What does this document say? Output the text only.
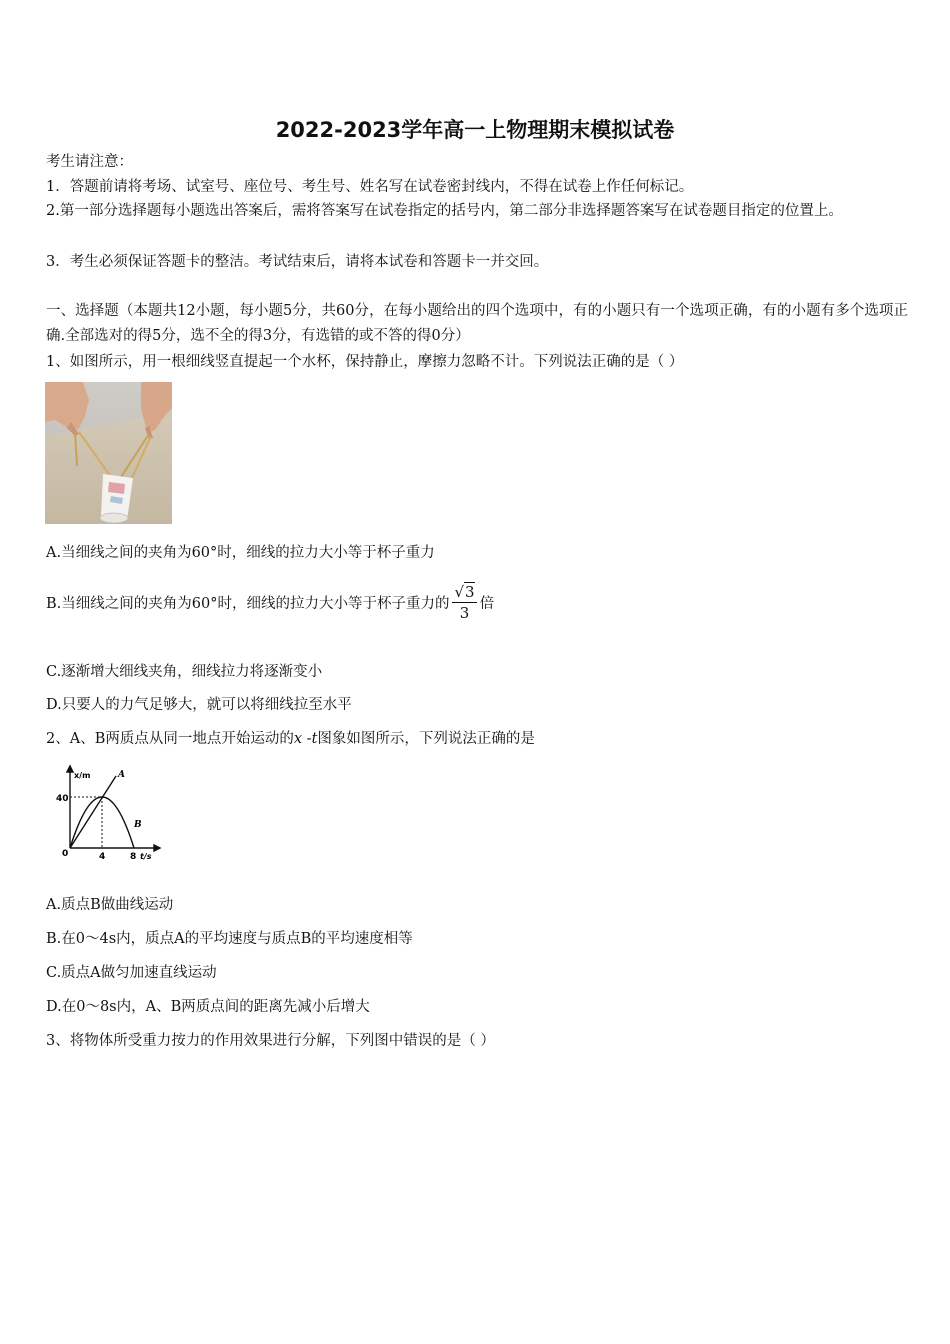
2022-2023学年高一上物理期末模拟试卷
考生请注意：
1．答题前请将考场、试室号、座位号、考生号、姓名写在试卷密封线内，不得在试卷上作任何标记。
2.第一部分选择题每小题选出答案后，需将答案写在试卷指定的括号内，第二部分非选择题答案写在试卷题目指定的位置上。
3．考生必须保证答题卡的整洁。考试结束后，请将本试卷和答题卡一并交回。
一、选择题（本题共12小题，每小题5分，共60分，在每小题给出的四个选项中，有的小题只有一个选项正确，有的小题有多个选项正确.全部选对的得5分，选不全的得3分，有选错的或不答的得0分）
1、如图所示，用一根细线竖直提起一个水杯，保持静止，摩擦力忽略不计。下列说法正确的是（ ）
A.当细线之间的夹角为60°时，细线的拉力大小等于杯子重力
B.当细线之间的夹角为60°时，细线的拉力大小等于杯子重力的 $\frac{√3}{3}$ 倍
C.逐渐增大细线夹角，细线拉力将逐渐变小
D.只要人的力气足够大，就可以将细线拉至水平
2、A、B两质点从同一地点开始运动的x -t图象如图所示，下列说法正确的是
x/m	A
B
40
0	4	8 t/s
A.质点B做曲线运动
B.在0～4s内，质点A的平均速度与质点B的平均速度相等
C.质点A做匀加速直线运动
D.在0～8s内，A、B两质点间的距离先减小后增大
3、将物体所受重力按力的作用效果进行分解，下列图中错误的是（ ）
